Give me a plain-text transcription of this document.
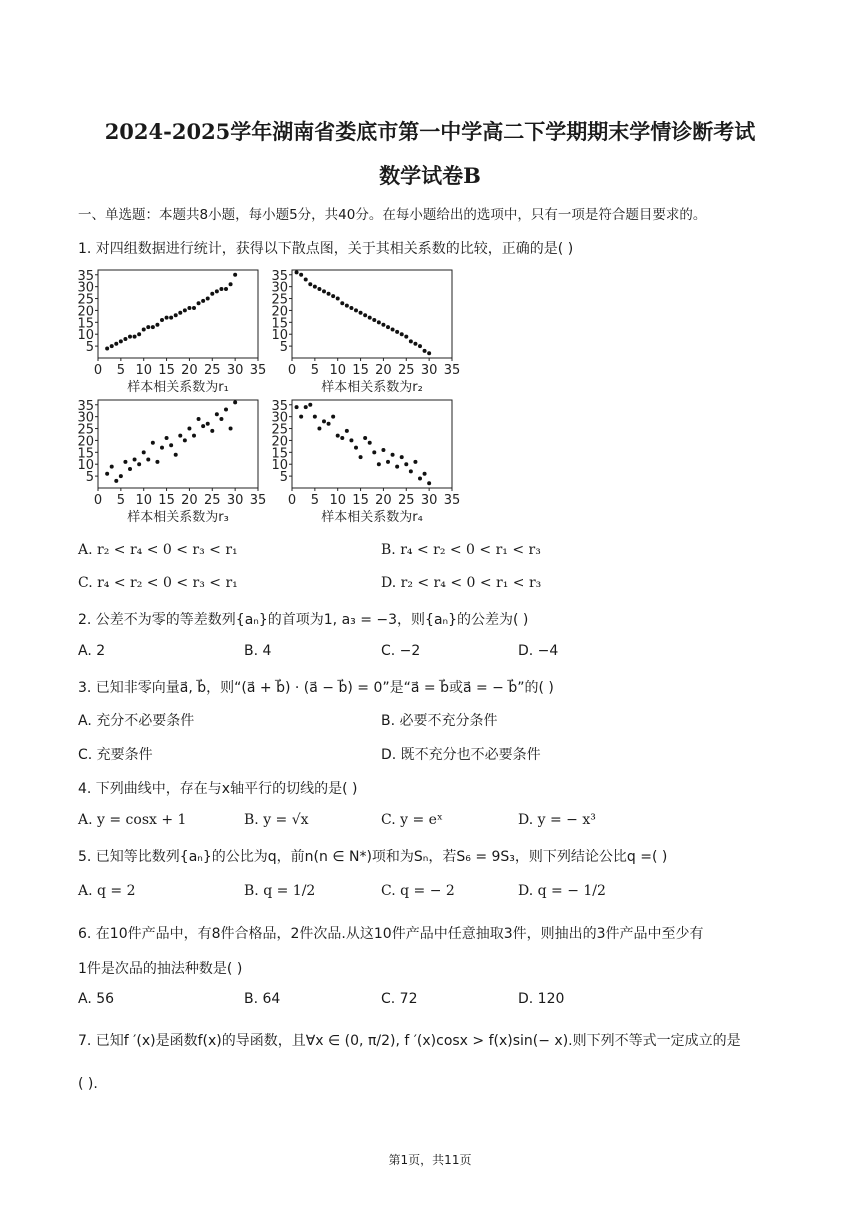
2024-2025学年湖南省娄底市第一中学高二下学期期末学情诊断考试
数学试卷B
一、单选题：本题共8小题，每小题5分，共40分。在每小题给出的选项中，只有一项是符合题目要求的。
1. 对四组数据进行统计，获得以下散点图，关于其相关系数的比较，正确的是( )
5
10
15
20
25
30
35
0 5 10 15 20 25 30 35
样本相关系数为r₁
5
10
15
20
25
30
35
0 5 10 15 20 25 30 35
样本相关系数为r₂
5
10
15
20
25
30
35
0 5 10 15 20 25 30 35
样本相关系数为r₃
5
10
15
20
25
30
35
0 5 10 15 20 25 30 35
样本相关系数为r₄
A. r₂ < r₄ < 0 < r₃ < r₁	B. r₄ < r₂ < 0 < r₁ < r₃
C. r₄ < r₂ < 0 < r₃ < r₁	D. r₂ < r₄ < 0 < r₁ < r₃
2. 公差不为零的等差数列{aₙ}的首项为1, a₃ = −3，则{aₙ}的公差为( )
A. 2	B. 4	C. −2	D. −4
3. 已知非零向量a⃗, b⃗，则“(a⃗ + b⃗) · (a⃗ − b⃗) = 0”是“a⃗ = b⃗或a⃗ = − b⃗”的( )
A. 充分不必要条件	B. 必要不充分条件
C. 充要条件	D. 既不充分也不必要条件
4. 下列曲线中，存在与x轴平行的切线的是( )
A. y = cosx + 1	B. y = √x	C. y = eˣ	D. y = − x³
5. 已知等比数列{aₙ}的公比为q，前n(n ∈ N*)项和为Sₙ，若S₆ = 9S₃，则下列结论公比q =( )
A. q = 2	B. q = 1/2	C. q = − 2	D. q = − 1/2
6. 在10件产品中，有8件合格品，2件次品.从这10件产品中任意抽取3件，则抽出的3件产品中至少有
1件是次品的抽法种数是( )
A. 56	B. 64	C. 72	D. 120
7. 已知f ′(x)是函数f(x)的导函数，且∀x ∈ (0, π/2), f ′(x)cosx > f(x)sin(− x).则下列不等式一定成立的是
( ).
第1页，共11页
